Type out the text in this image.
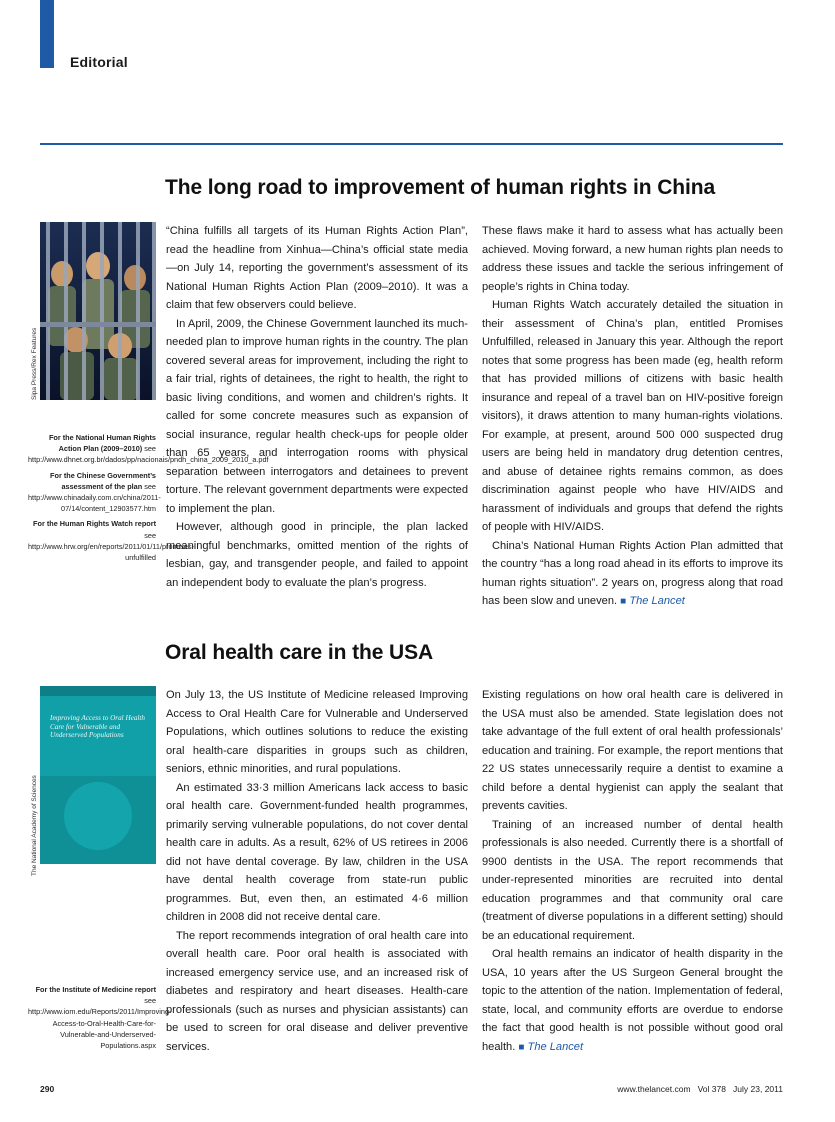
Editorial
The long road to improvement of human rights in China
Sipa Press/Rex Features
For the National Human Rights Action Plan (2009–2010) see http://www.dhnet.org.br/dados/pp/nacionais/pndh_china_2009_2010_a.pdf
For the Chinese Government’s assessment of the plan see http://www.chinadaily.com.cn/china/2011-07/14/content_12903577.htm
For the Human Rights Watch report see http://www.hrw.org/en/reports/2011/01/11/promises-unfulfilled

“China fulfills all targets of its Human Rights Action Plan”, read the headline from Xinhua—China’s official state media—on July 14, reporting the government’s assessment of its National Human Rights Action Plan (2009–2010). It was a claim that few observers could believe.

In April, 2009, the Chinese Government launched its much-needed plan to improve human rights in the country. The plan covered several areas for improvement, including the right to a fair trial, rights of detainees, the right to health, the right to basic living conditions, and women and children’s rights. It called for some concrete measures such as expansion of social insurance, regular health check-ups for people older than 65 years, and interrogation rooms with physical separation between interrogators and detainees to prevent torture. The relevant government departments were expected to implement the plan.

However, although good in principle, the plan lacked meaningful benchmarks, omitted mention of the rights of lesbian, gay, and transgender people, and failed to appoint an independent body to evaluate the plan’s progress.

These flaws make it hard to assess what has actually been achieved. Moving forward, a new human rights plan needs to address these issues and tackle the serious infringement of people’s rights in China today.

Human Rights Watch accurately detailed the situation in their assessment of China’s plan, entitled Promises Unfulfilled, released in January this year. Although the report notes that some progress has been made (eg, health reform that has provided millions of citizens with basic health insurance and repeal of a travel ban on HIV-positive foreign visitors), it draws attention to many human-rights violations. For example, at present, around 500 000 suspected drug users are being held in mandatory drug detention centres, and abuse of detainee rights remains common, as does discrimination against people who have HIV/AIDS and harassment of individuals and groups that defend the rights of people with HIV/AIDS.

China’s National Human Rights Action Plan admitted that the country “has a long road ahead in its efforts to improve its human rights situation”. 2 years on, progress along that road has been slow and uneven. ■ The Lancet

Oral health care in the USA
Improving Access to Oral Health Care for Vulnerable and Underserved Populations
The National Academy of Sciences
For the Institute of Medicine report see http://www.iom.edu/Reports/2011/Improving-Access-to-Oral-Health-Care-for-Vulnerable-and-Underserved-Populations.aspx

On July 13, the US Institute of Medicine released Improving Access to Oral Health Care for Vulnerable and Underserved Populations, which outlines solutions to reduce the existing oral health-care disparities in groups such as children, seniors, ethnic minorities, and rural populations.

An estimated 33·3 million Americans lack access to basic oral health care. Government-funded health programmes, primarily serving vulnerable populations, do not cover dental health care in adults. As a result, 62% of US retirees in 2006 did not have dental coverage. By law, children in the USA have dental health coverage from state-run public programmes. But, even then, an estimated 4·6 million children in 2008 did not receive dental care.

The report recommends integration of oral health care into overall health care. Poor oral health is associated with increased emergency service use, and an increased risk of diabetes and respiratory and heart diseases. Health-care professionals (such as nurses and physician assistants) can be used to screen for oral disease and deliver preventive services.

Existing regulations on how oral health care is delivered in the USA must also be amended. State legislation does not take advantage of the full extent of oral health professionals’ education and training. For example, the report mentions that 22 US states unnecessarily require a dentist to examine a child before a dental hygienist can apply the sealant that prevents cavities.

Training of an increased number of dental health professionals is also needed. Currently there is a shortfall of 9900 dentists in the USA. The report recommends that under-represented minorities are recruited into dental education programmes and that community oral care (treatment of diverse populations in a different setting) should be an educational requirement.

Oral health remains an indicator of health disparity in the USA, 10 years after the US Surgeon General brought the topic to the attention of the nation. Implementation of federal, state, local, and community efforts are overdue to endorse the fact that good health is not possible without good oral health. ■ The Lancet

290	www.thelancet.com   Vol 378   July 23, 2011
